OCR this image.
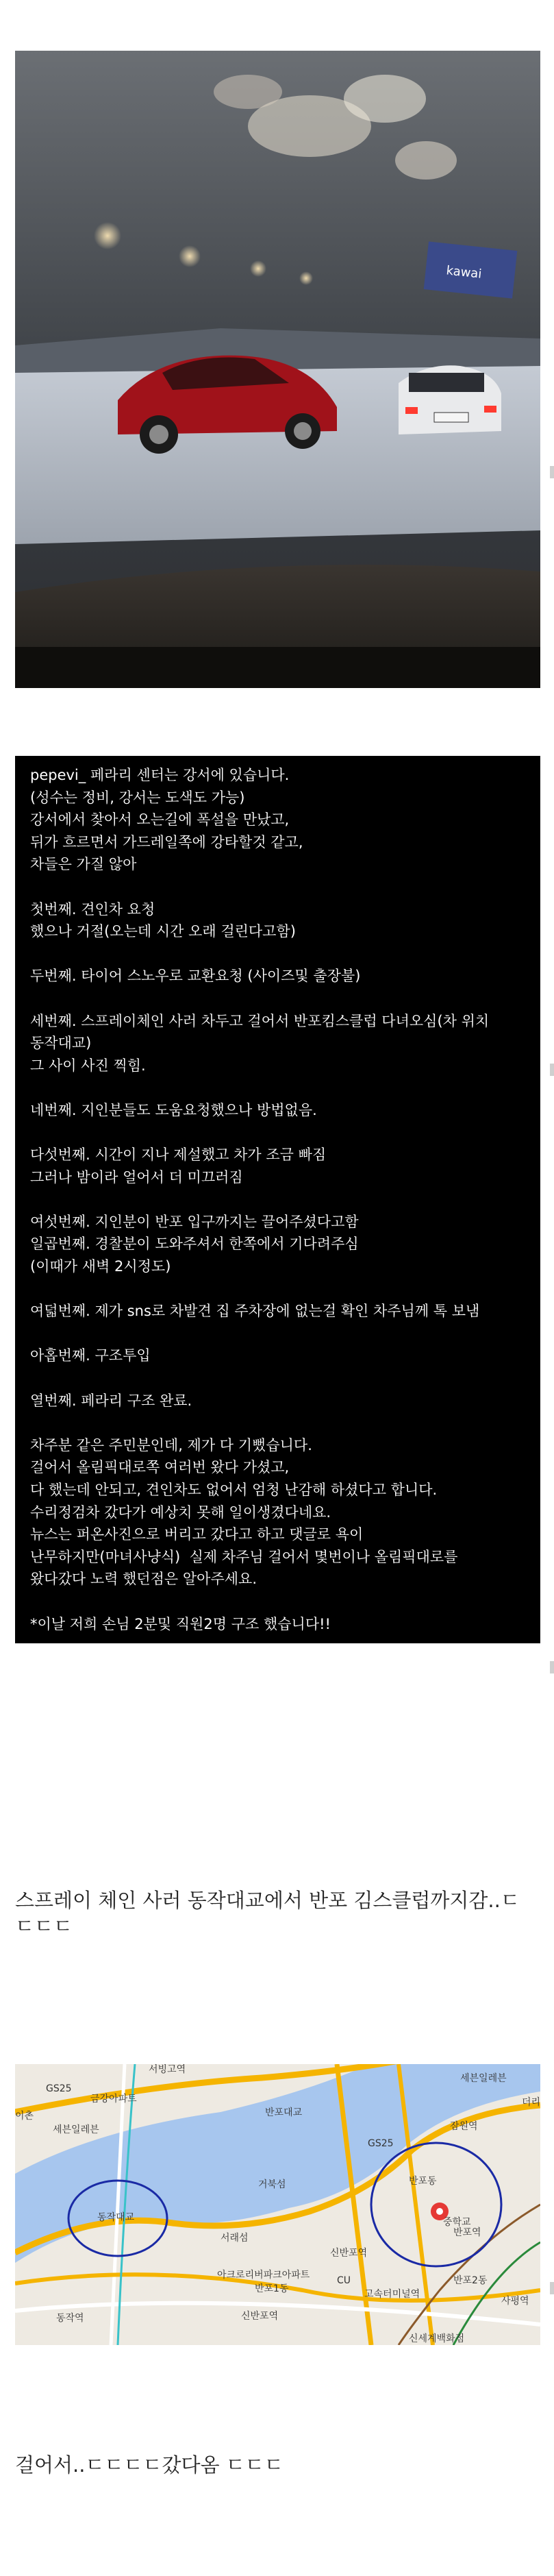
kawai
pepevi_ 페라리 센터는 강서에 있습니다.
(성수는 정비, 강서는 도색도 가능)
강서에서 찾아서 오는길에 폭설을 만났고,
뒤가 흐르면서 가드레일쪽에 강타할것 같고,
차들은 가질 않아

첫번째. 견인차 요청
했으나 거절(오는데 시간 오래 걸린다고함)

두번째. 타이어 스노우로 교환요청 (사이즈및 출장불)

세번째. 스프레이체인 사러 차두고 걸어서 반포킴스클럽 다녀오심(차 위치
동작대교)
그 사이 사진 찍힘.

네번째. 지인분들도 도움요청했으나 방법없음.

다섯번째. 시간이 지나 제설했고 차가 조금 빠짐
그러나 밤이라 얼어서 더 미끄러짐

여섯번째. 지인분이 반포 입구까지는 끌어주셨다고함
일곱번째. 경찰분이 도와주셔서 한쪽에서 기다려주심
(이때가 새벽 2시정도)

여덟번째. 제가 sns로 차발견 집 주차장에 없는걸 확인 차주님께 톡 보냄

아홉번째. 구조투입

열번째. 페라리 구조 완료.

차주분 같은 주민분인데, 제가 다 기뻤습니다.
걸어서 올림픽대로쪽 여러번 왔다 가셨고,
다 했는데 안되고, 견인차도 없어서 엄청 난감해 하셨다고 합니다.
수리정검차 갔다가 예상치 못해 일이생겼다네요.
뉴스는 퍼온사진으로 버리고 갔다고 하고 댓글로 욕이
난무하지만(마녀사냥식)  실제 차주님 걸어서 몇번이나 올림픽대로를
왔다갔다 노력 했던점은 알아주세요.

*이날 저희 손님 2분및 직원2명 구조 했습니다!!
스프레이 체인 사러 동작대교에서 반포 김스클럽까지감..ㄷㄷㄷㄷ
서빙고역
GS25
금강아파트
세븐일레븐
이촌
동작대교
반포대교
서래섬
거북섬
아크로리버파크아파트
반포1동
신반포역
동작역
GS25
세븐일레븐
잠원역
반포역
신세계백화점
고속터미널역
사평역
CU
중학교
반포2동
더리
반포동
신반포역
걸어서..ㄷㄷㄷㄷ갔다옴 ㄷㄷㄷ
